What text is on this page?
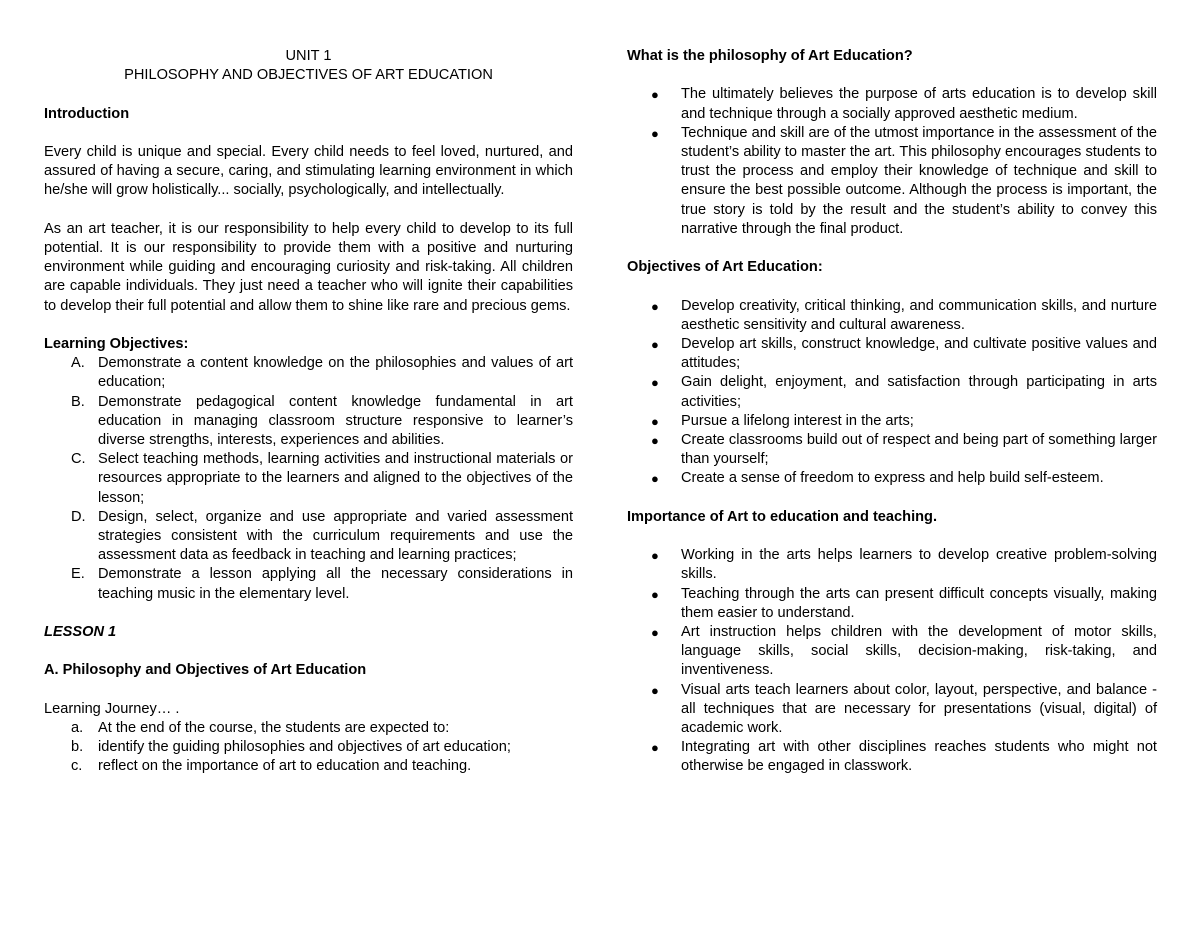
UNIT 1

PHILOSOPHY AND OBJECTIVES OF ART EDUCATION

Introduction

Every child is unique and special. Every child needs to feel loved, nurtured, and assured of having a secure, caring, and stimulating learning environment in which he/she will grow holistically... socially, psychologically, and intellectually.

As an art teacher, it is our responsibility to help every child to develop to its full potential. It is our responsibility to provide them with a positive and nurturing environment while guiding and encouraging curiosity and risk-taking. All children are capable individuals. They just need a teacher who will ignite their capabilities to develop their full potential and allow them to shine like rare and precious gems.

Learning Objectives:

A. Demonstrate a content knowledge on the philosophies and values of art education;
B. Demonstrate pedagogical content knowledge fundamental in art education in managing classroom structure responsive to learner’s diverse strengths, interests, experiences and abilities.
C. Select teaching methods, learning activities and instructional materials or resources appropriate to the learners and aligned to the objectives of the lesson;
D. Design, select, organize and use appropriate and varied assessment strategies consistent with the curriculum requirements and use the assessment data as feedback in teaching and learning practices;
E. Demonstrate a lesson applying all the necessary considerations in teaching music in the elementary level.

LESSON 1

A. Philosophy and Objectives of Art Education

Learning Journey… .

a. At the end of the course, the students are expected to:
b. identify the guiding philosophies and objectives of art education;
c. reflect on the importance of art to education and teaching.

What is the philosophy of Art Education?

● The ultimately believes the purpose of arts education is to develop skill and technique through a socially approved aesthetic medium.
● Technique and skill are of the utmost importance in the assessment of the student’s ability to master the art. This philosophy encourages students to trust the process and employ their knowledge of technique and skill to ensure the best possible outcome. Although the process is important, the true story is told by the result and the student’s ability to convey this narrative through the final product.

Objectives of Art Education:

● Develop creativity, critical thinking, and communication skills, and nurture aesthetic sensitivity and cultural awareness.
● Develop art skills, construct knowledge, and cultivate positive values and attitudes;
● Gain delight, enjoyment, and satisfaction through participating in arts activities;
● Pursue a lifelong interest in the arts;
● Create classrooms build out of respect and being part of something larger than yourself;
● Create a sense of freedom to express and help build self-esteem.

Importance of Art to education and teaching.

● Working in the arts helps learners to develop creative problem-solving skills.
● Teaching through the arts can present difficult concepts visually, making them easier to understand.
● Art instruction helps children with the development of motor skills, language skills, social skills, decision-making, risk-taking, and inventiveness.
● Visual arts teach learners about color, layout, perspective, and balance - all techniques that are necessary for presentations (visual, digital) of academic work.
● Integrating art with other disciplines reaches students who might not otherwise be engaged in classwork.
